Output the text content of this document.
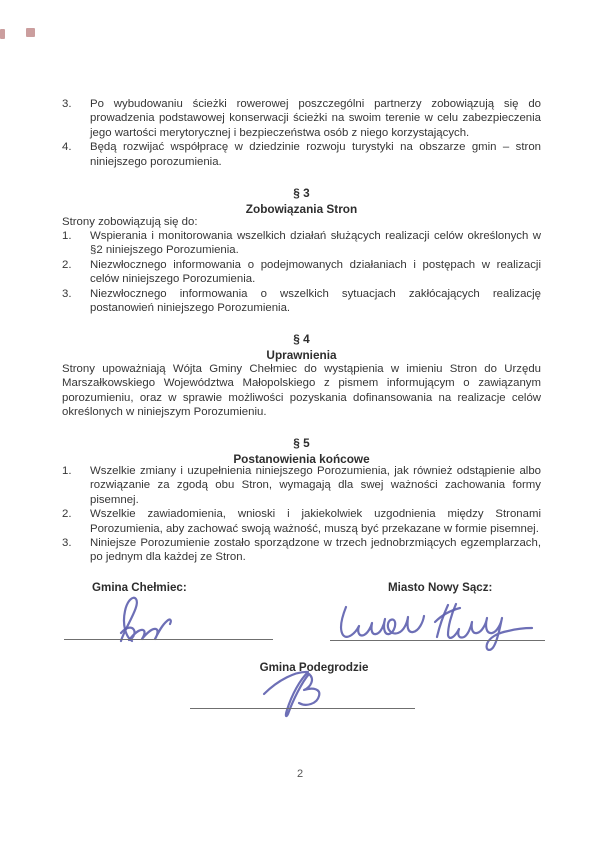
3.	Po wybudowaniu ścieżki rowerowej poszczególni partnerzy zobowiązują się do prowadzenia podstawowej konserwacji ścieżki na swoim terenie w celu zabezpieczenia jego wartości merytorycznej i bezpieczeństwa osób z niego korzystających.
4.	Będą rozwijać współpracę w dziedzinie rozwoju turystyki na obszarze gmin – stron niniejszego porozumienia.
§ 3
Zobowiązania Stron
Strony zobowiązują się do:
1.	Wspierania i monitorowania wszelkich działań służących realizacji celów określonych w §2 niniejszego Porozumienia.
2.	Niezwłocznego informowania o podejmowanych działaniach i postępach w realizacji celów niniejszego Porozumienia.
3.	Niezwłocznego informowania o wszelkich sytuacjach zakłócających realizację postanowień niniejszego Porozumienia.
§ 4
Uprawnienia
Strony upoważniają Wójta Gminy Chełmiec do wystąpienia w imieniu Stron do Urzędu Marszałkowskiego Województwa Małopolskiego z pismem informującym o zawiązanym porozumieniu, oraz w sprawie możliwości pozyskania dofinansowania na realizacje celów określonych w niniejszym Porozumieniu.
§ 5
Postanowienia końcowe
1.	Wszelkie zmiany i uzupełnienia niniejszego Porozumienia, jak również odstąpienie albo rozwiązanie za zgodą obu Stron, wymagają dla swej ważności zachowania formy pisemnej.
2.	Wszelkie zawiadomienia, wnioski i jakiekolwiek uzgodnienia między Stronami Porozumienia, aby zachować swoją ważność, muszą być przekazane w formie pisemnej.
3.	Niniejsze Porozumienie zostało sporządzone w trzech jednobrzmiących egzemplarzach, po jednym dla każdej ze Stron.
Gmina Chełmiec:	Miasto Nowy Sącz:
Gmina Podegrodzie
2
